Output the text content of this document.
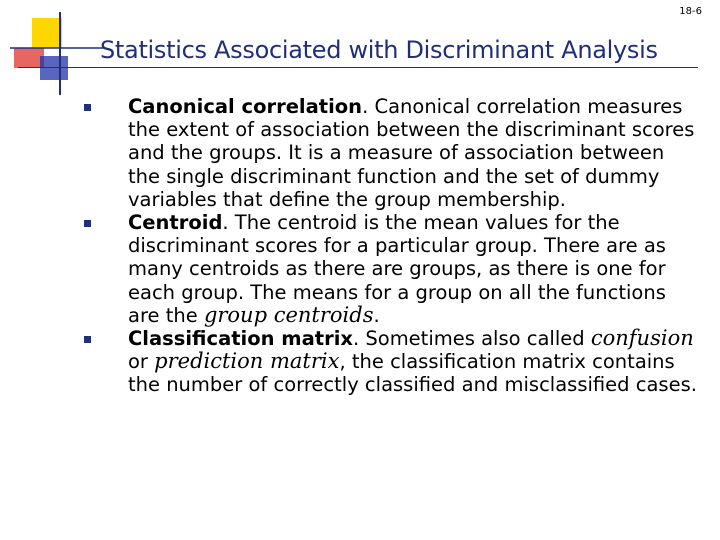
18-6
Statistics Associated with Discriminant Analysis
Canonical correlation. Canonical correlation measures the extent of association between the discriminant scores and the groups. It is a measure of association between the single discriminant function and the set of dummy variables that define the group membership.
Centroid. The centroid is the mean values for the discriminant scores for a particular group. There are as many centroids as there are groups, as there is one for each group. The means for a group on all the functions are the group centroids.
Classification matrix. Sometimes also called confusion or prediction matrix, the classification matrix contains the number of correctly classified and misclassified cases.
